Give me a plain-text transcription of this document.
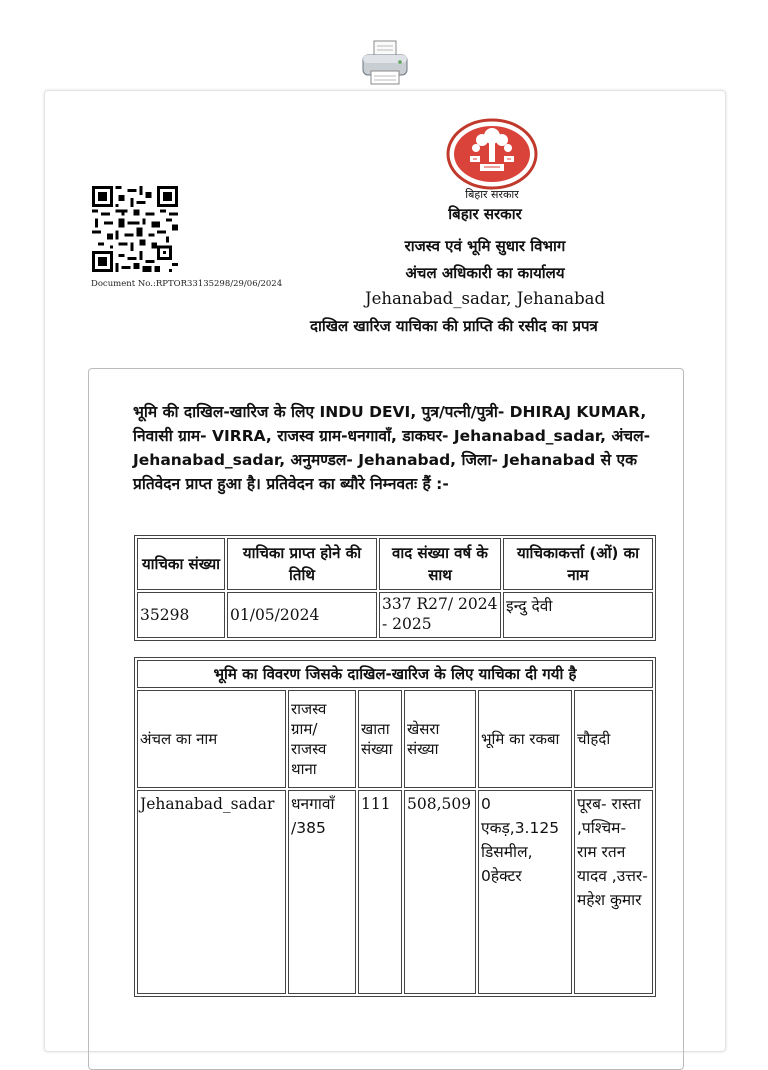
Document No.:RPTOR33135298/29/06/2024
बिहार सरकार
बिहार सरकार
राजस्व एवं भूमि सुधार विभाग
अंचल अधिकारी का कार्यालय
Jehanabad_sadar, Jehanabad
दाखिल खारिज याचिका की प्राप्ति की रसीद का प्रपत्र
भूमि की दाखिल-खारिज के लिए INDU DEVI, पुत्र/पत्नी/पुत्री- DHIRAJ KUMAR, निवासी ग्राम- VIRRA, राजस्व ग्राम-धनगावाँ, डाकघर- Jehanabad_sadar, अंचल- Jehanabad_sadar, अनुमण्डल- Jehanabad, जिला- Jehanabad से एक प्रतिवेदन प्राप्त हुआ है। प्रतिवेदन का ब्यौरे निम्नवतः हैं :-
याचिका संख्या	याचिका प्राप्त होने की तिथि	वाद संख्या वर्ष के साथ	याचिकाकर्त्ता (ओं) का नाम
35298	01/05/2024	337 R27/ 2024 - 2025	इन्दु देवी
भूमि का विवरण जिसके दाखिल-खारिज के लिए याचिका दी गयी है					
अंचल का नाम	राजस्व ग्राम/ राजस्व थाना	खाता संख्या	खेसरा संख्या	भूमि का रकबा	चौहदी
Jehanabad_sadar	धनगावाँ /385	111	508,509	0 एकड़,3.125 डिसमील, 0हेक्टर	पूरब- रास्ता ,पश्चिम- राम रतन यादव ,उत्तर- महेश कुमार
